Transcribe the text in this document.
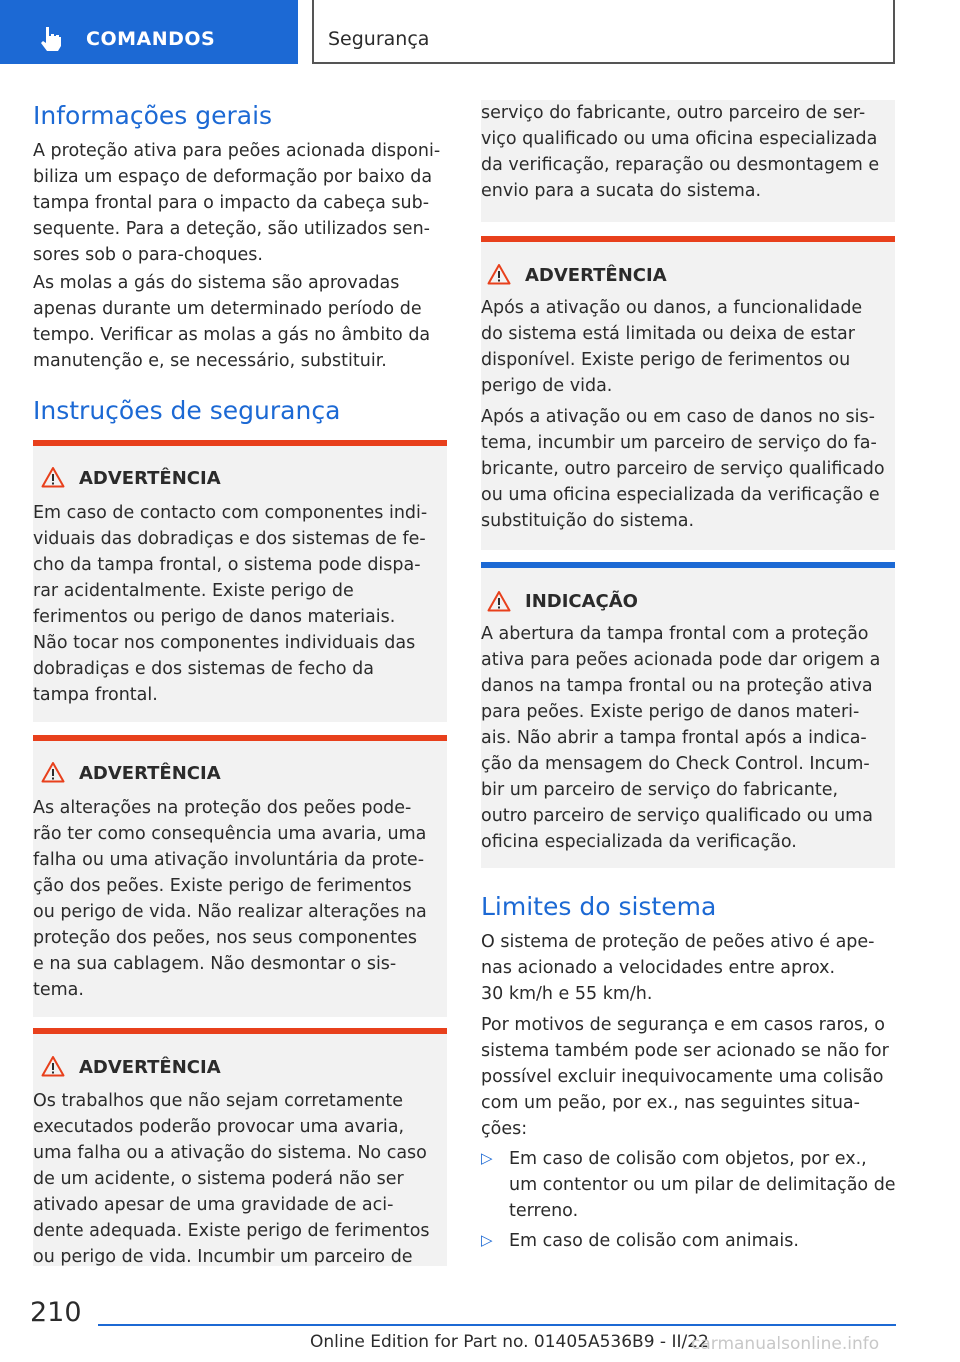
COMANDOS	Segurança
Informações gerais
A proteção ativa para peões acionada disponi-
biliza um espaço de deformação por baixo da
tampa frontal para o impacto da cabeça sub-
sequente. Para a deteção, são utilizados sen-
sores sob o para-choques.
As molas a gás do sistema são aprovadas
apenas durante um determinado período de
tempo. Verificar as molas a gás no âmbito da
manutenção e, se necessário, substituir.
Instruções de segurança
ADVERTÊNCIA
Em caso de contacto com componentes indi-
viduais das dobradiças e dos sistemas de fe-
cho da tampa frontal, o sistema pode dispa-
rar acidentalmente. Existe perigo de
ferimentos ou perigo de danos materiais.
Não tocar nos componentes individuais das
dobradiças e dos sistemas de fecho da
tampa frontal.
ADVERTÊNCIA
As alterações na proteção dos peões pode-
rão ter como consequência uma avaria, uma
falha ou uma ativação involuntária da prote-
ção dos peões. Existe perigo de ferimentos
ou perigo de vida. Não realizar alterações na
proteção dos peões, nos seus componentes
e na sua cablagem. Não desmontar o sis-
tema.
ADVERTÊNCIA
Os trabalhos que não sejam corretamente
executados poderão provocar uma avaria,
uma falha ou a ativação do sistema. No caso
de um acidente, o sistema poderá não ser
ativado apesar de uma gravidade de aci-
dente adequada. Existe perigo de ferimentos
ou perigo de vida. Incumbir um parceiro de
serviço do fabricante, outro parceiro de ser-
viço qualificado ou uma oficina especializada
da verificação, reparação ou desmontagem e
envio para a sucata do sistema.
ADVERTÊNCIA
Após a ativação ou danos, a funcionalidade
do sistema está limitada ou deixa de estar
disponível. Existe perigo de ferimentos ou
perigo de vida.
Após a ativação ou em caso de danos no sis-
tema, incumbir um parceiro de serviço do fa-
bricante, outro parceiro de serviço qualificado
ou uma oficina especializada da verificação e
substituição do sistema.
INDICAÇÃO
A abertura da tampa frontal com a proteção
ativa para peões acionada pode dar origem a
danos na tampa frontal ou na proteção ativa
para peões. Existe perigo de danos materi-
ais. Não abrir a tampa frontal após a indica-
ção da mensagem do Check Control. Incum-
bir um parceiro de serviço do fabricante,
outro parceiro de serviço qualificado ou uma
oficina especializada da verificação.
Limites do sistema
O sistema de proteção de peões ativo é ape-
nas acionado a velocidades entre aprox.
30 km/h e 55 km/h.
Por motivos de segurança e em casos raros, o
sistema também pode ser acionado se não for
possível excluir inequivocamente uma colisão
com um peão, por ex., nas seguintes situa-
ções:
▷ Em caso de colisão com objetos, por ex.,
um contentor ou um pilar de delimitação de
terreno.
▷ Em caso de colisão com animais.
210
Online Edition for Part no. 01405A536B9 - II/22
carmanualsonline.info
